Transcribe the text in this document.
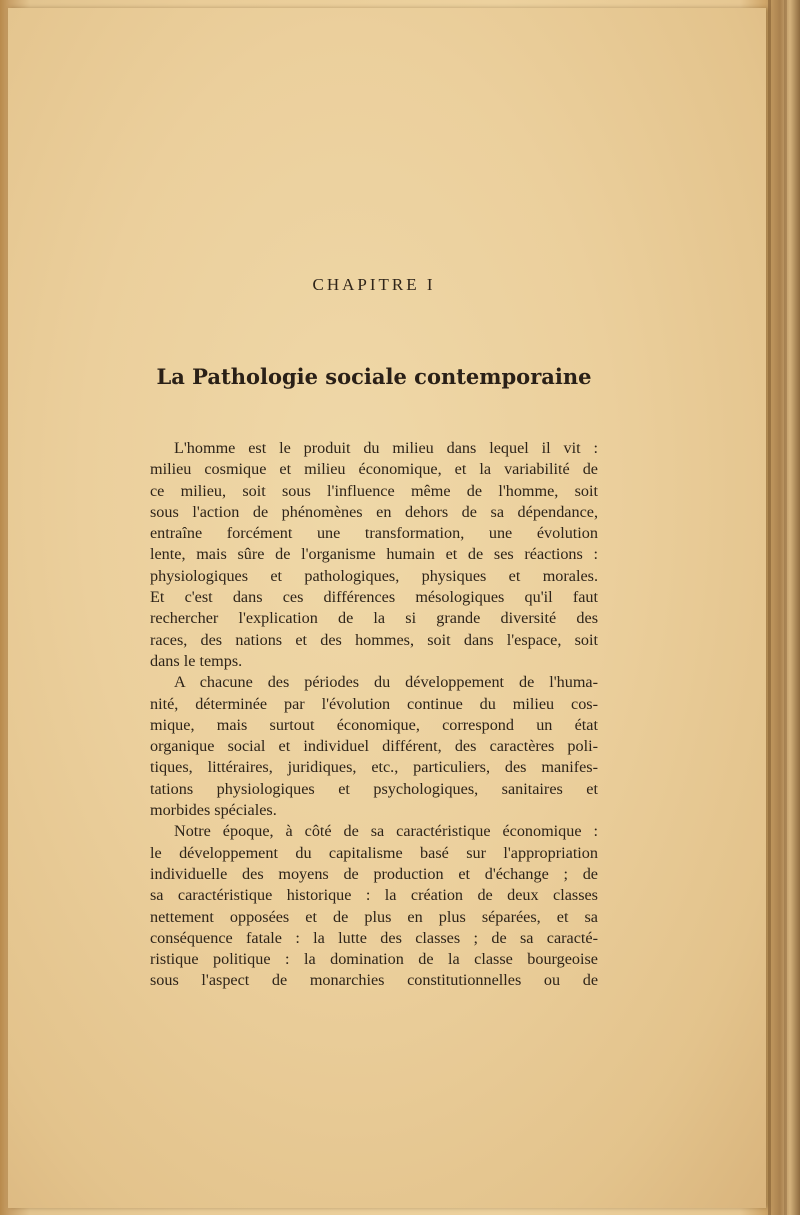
CHAPITRE I
La Pathologie sociale contemporaine
L'homme est le produit du milieu dans lequel il vit :
milieu cosmique et milieu économique, et la variabilité de
ce milieu, soit sous l'influence même de l'homme, soit
sous l'action de phénomènes en dehors de sa dépendance,
entraîne forcément une transformation, une évolution
lente, mais sûre de l'organisme humain et de ses réactions :
physiologiques et pathologiques, physiques et morales.
Et c'est dans ces différences mésologiques qu'il faut
rechercher l'explication de la si grande diversité des
races, des nations et des hommes, soit dans l'espace, soit
dans le temps.
A chacune des périodes du développement de l'huma-
nité, déterminée par l'évolution continue du milieu cos-
mique, mais surtout économique, correspond un état
organique social et individuel différent, des caractères poli-
tiques, littéraires, juridiques, etc., particuliers, des manifes-
tations physiologiques et psychologiques, sanitaires et
morbides spéciales.
Notre époque, à côté de sa caractéristique économique :
le développement du capitalisme basé sur l'appropriation
individuelle des moyens de production et d'échange ; de
sa caractéristique historique : la création de deux classes
nettement opposées et de plus en plus séparées, et sa
conséquence fatale : la lutte des classes ; de sa caracté-
ristique politique : la domination de la classe bourgeoise
sous l'aspect de monarchies constitutionnelles ou de
